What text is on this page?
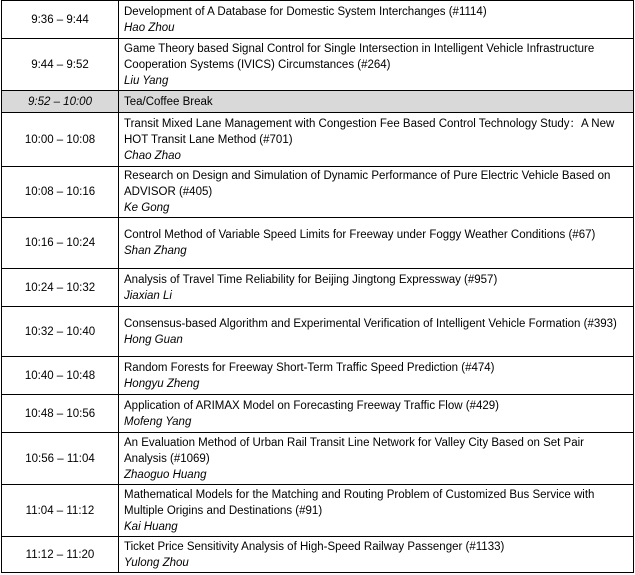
9:36 – 9:44	Development of A Database for Domestic System Interchanges (#1114)
Hao Zhou

9:44 – 9:52	Game Theory based Signal Control for Single Intersection in Intelligent Vehicle Infrastructure Cooperation Systems (IVICS) Circumstances (#264)
Liu Yang

9:52 – 10:00	Tea/Coffee Break

10:00 – 10:08	Transit Mixed Lane Management with Congestion Fee Based Control Technology Study：A New HOT Transit Lane Method (#701)
Chao Zhao

10:08 – 10:16	Research on Design and Simulation of Dynamic Performance of Pure Electric Vehicle Based on ADVISOR (#405)
Ke Gong

10:16 – 10:24	Control Method of Variable Speed Limits for Freeway under Foggy Weather Conditions (#67)
Shan Zhang

10:24 – 10:32	Analysis of Travel Time Reliability for Beijing Jingtong Expressway (#957)
Jiaxian Li

10:32 – 10:40	Consensus-based Algorithm and Experimental Verification of Intelligent Vehicle Formation (#393)
Hong Guan

10:40 – 10:48	Random Forests for Freeway Short-Term Traffic Speed Prediction (#474)
Hongyu Zheng

10:48 – 10:56	Application of ARIMAX Model on Forecasting Freeway Traffic Flow (#429)
Mofeng Yang

10:56 – 11:04	An Evaluation Method of Urban Rail Transit Line Network for Valley City Based on Set Pair Analysis (#1069)
Zhaoguo Huang

11:04 – 11:12	Mathematical Models for the Matching and Routing Problem of Customized Bus Service with Multiple Origins and Destinations (#91)
Kai Huang

11:12 – 11:20	Ticket Price Sensitivity Analysis of High-Speed Railway Passenger (#1133)
Yulong Zhou
